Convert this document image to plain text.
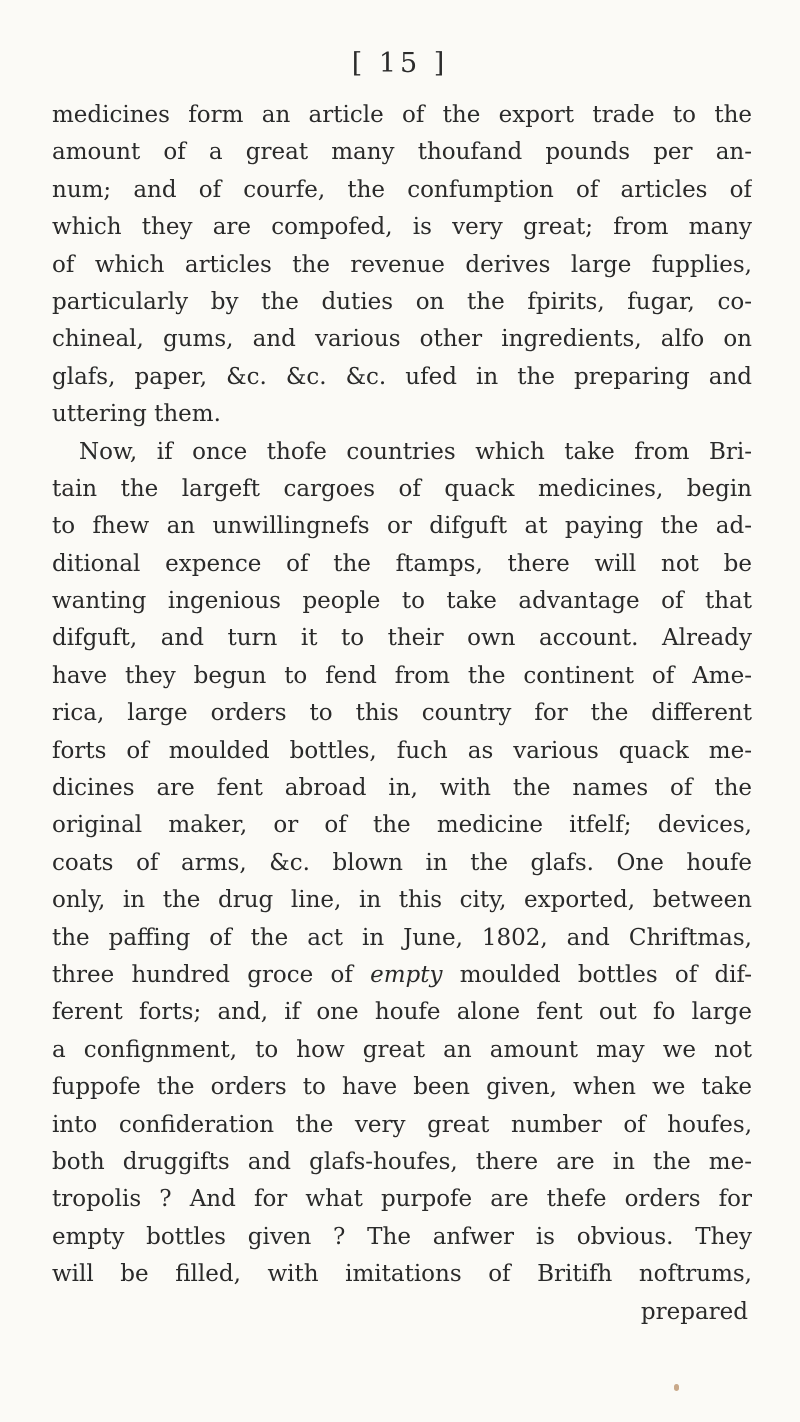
[ 15 ]
medicines form an article of the export trade to the
amount of a great many thoufand pounds per an-
num; and of courfe, the confumption of articles of
which they are compofed, is very great; from many
of which articles the revenue derives large fupplies,
particularly by the duties on the fpirits, fugar, co-
chineal, gums, and various other ingredients, alfo on
glafs, paper, &c. &c. &c. ufed in the preparing and
uttering them.
Now, if once thofe countries which take from Bri-
tain the largeft cargoes of quack medicines, begin
to fhew an unwillingnefs or difguft at paying the ad-
ditional expence of the ftamps, there will not be
wanting ingenious people to take advantage of that
difguft, and turn it to their own account. Already
have they begun to fend from the continent of Ame-
rica, large orders to this country for the different
forts of moulded bottles, fuch as various quack me-
dicines are fent abroad in, with the names of the
original maker, or of the medicine itfelf; devices,
coats of arms, &c. blown in the glafs. One houfe
only, in the drug line, in this city, exported, between
the paffing of the act in June, 1802, and Chriftmas,
three hundred groce of empty moulded bottles of dif-
ferent forts; and, if one houfe alone fent out fo large
a confignment, to how great an amount may we not
fuppofe the orders to have been given, when we take
into confideration the very great number of houfes,
both druggifts and glafs-houfes, there are in the me-
tropolis ? And for what purpofe are thefe orders for
empty bottles given ? The anfwer is obvious. They
will be filled, with imitations of Britifh noftrums,
prepared
